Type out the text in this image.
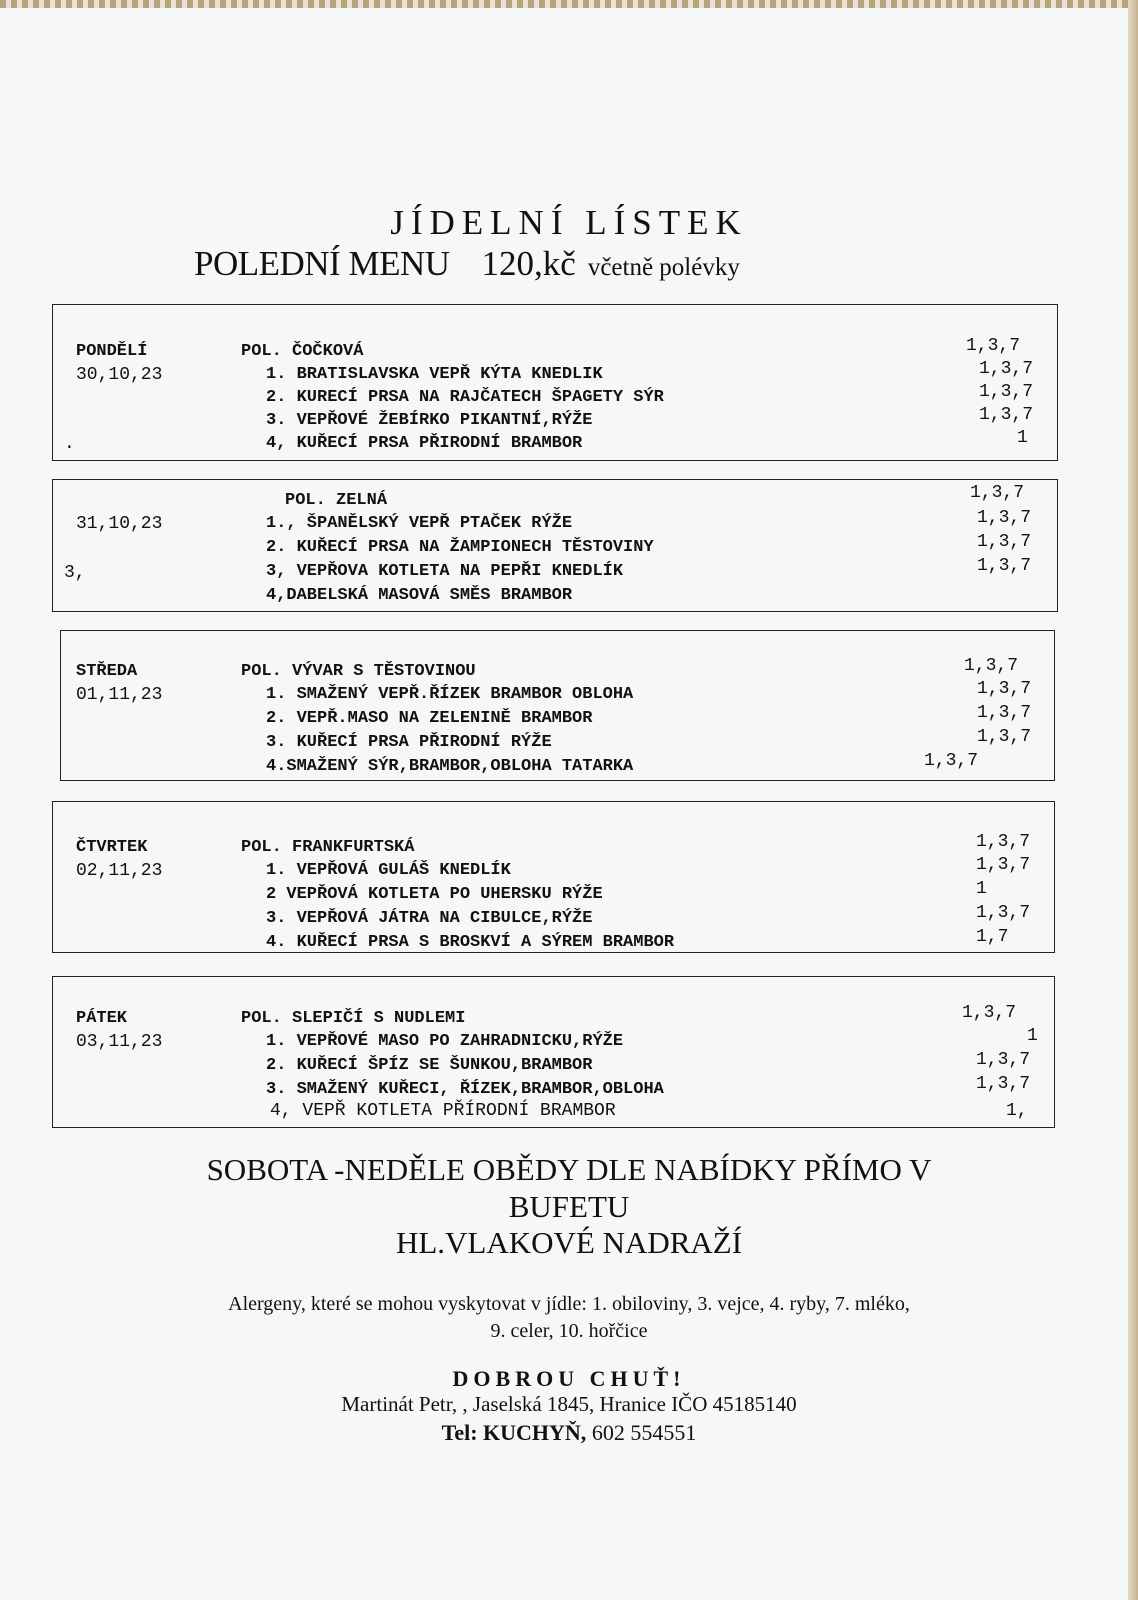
JÍDELNÍ LÍSTEK
POLEDNÍ MENU 120,kč včetně polévky
PONDĚLÍ
30,10,23
.
POL. ČOČKOVÁ	1,3,7
1. BRATISLAVSKA VEPŘ KÝTA KNEDLIK	1,3,7
2. KUREC͏Í PRSA NA RAJČATECH ŠPAGETY SÝR	1,3,7
3. VEPŘOVÉ ŽEBÍRKO PIKANTNÍ,RÝŽE	1,3,7
4, KUŘECÍ PRSA PŘIRODNÍ BRAMBOR	1
31,10,23
3,
POL. ZELNÁ	1,3,7
1., ŠPANĚLSKÝ VEPŘ PTAČEK RÝŽE	1,3,7
2. KUŘECÍ PRSA NA ŽAMPIONECH TĚSTOVINY	1,3,7
3, VEPŘOVA KOTLETA NA PEPŘI KNEDLÍK	1,3,7
4,DABELSKÁ MASOVÁ SMĚS BRAMBOR
STŘEDA
01,11,23
POL. VÝVAR S TĚSTOVINOU	1,3,7
1. SMAŽENÝ VEPŘ.ŘÍZEK BRAMBOR OBLOHA	1,3,7
2. VEPŘ.MASO NA ZELENINĚ BRAMBOR	1,3,7
3. KUŘECÍ PRSA PŘIRODNÍ RÝŽE	1,3,7
4.SMAŽENÝ SÝR,BRAMBOR,OBLOHA TATARKA	1,3,7
ČTVRTEK
02,11,23
POL. FRANKFURTSKÁ	1,3,7
1. VEPŘOVÁ GULÁŠ KNEDLÍK	1,3,7
2 VEPŘOVÁ KOTLETA PO UHERSKU RÝŽE	1
3. VEPŘOVÁ JÁTRA NA CIBULCE,RÝŽE	1,3,7
4. KUŘECÍ PRSA S BROSKVÍ A SÝREM BRAMBOR	1,7
PÁTEK
03,11,23
POL. SLEPIČÍ S NUDLEMI	1,3,7
1. VEPŘOVÉ MASO PO ZAHRADNICKU,RÝŽE	1
2. KUŘECÍ ŠPÍZ SE ŠUNKOU,BRAMBOR	1,3,7
3. SMAŽENÝ KUŘECI, ŘÍZEK,BRAMBOR,OBLOHA	1,3,7
4, VEPŘ KOTLETA PŘÍRODNÍ BRAMBOR	1,
SOBOTA -NEDĚLE OBĚDY DLE NABÍDKY PŘÍMO V
BUFETU
HL.VLAKOVÉ NADRAŽÍ
Alergeny, které se mohou vyskytovat v jídle: 1. obiloviny, 3. vejce, 4. ryby, 7. mléko,
9. celer, 10. hořčice
DOBROU CHUŤ!
Martinát Petr, , Jaselská 1845, Hranice IČO 45185140
Tel: KUCHYŇ, 602 554551
